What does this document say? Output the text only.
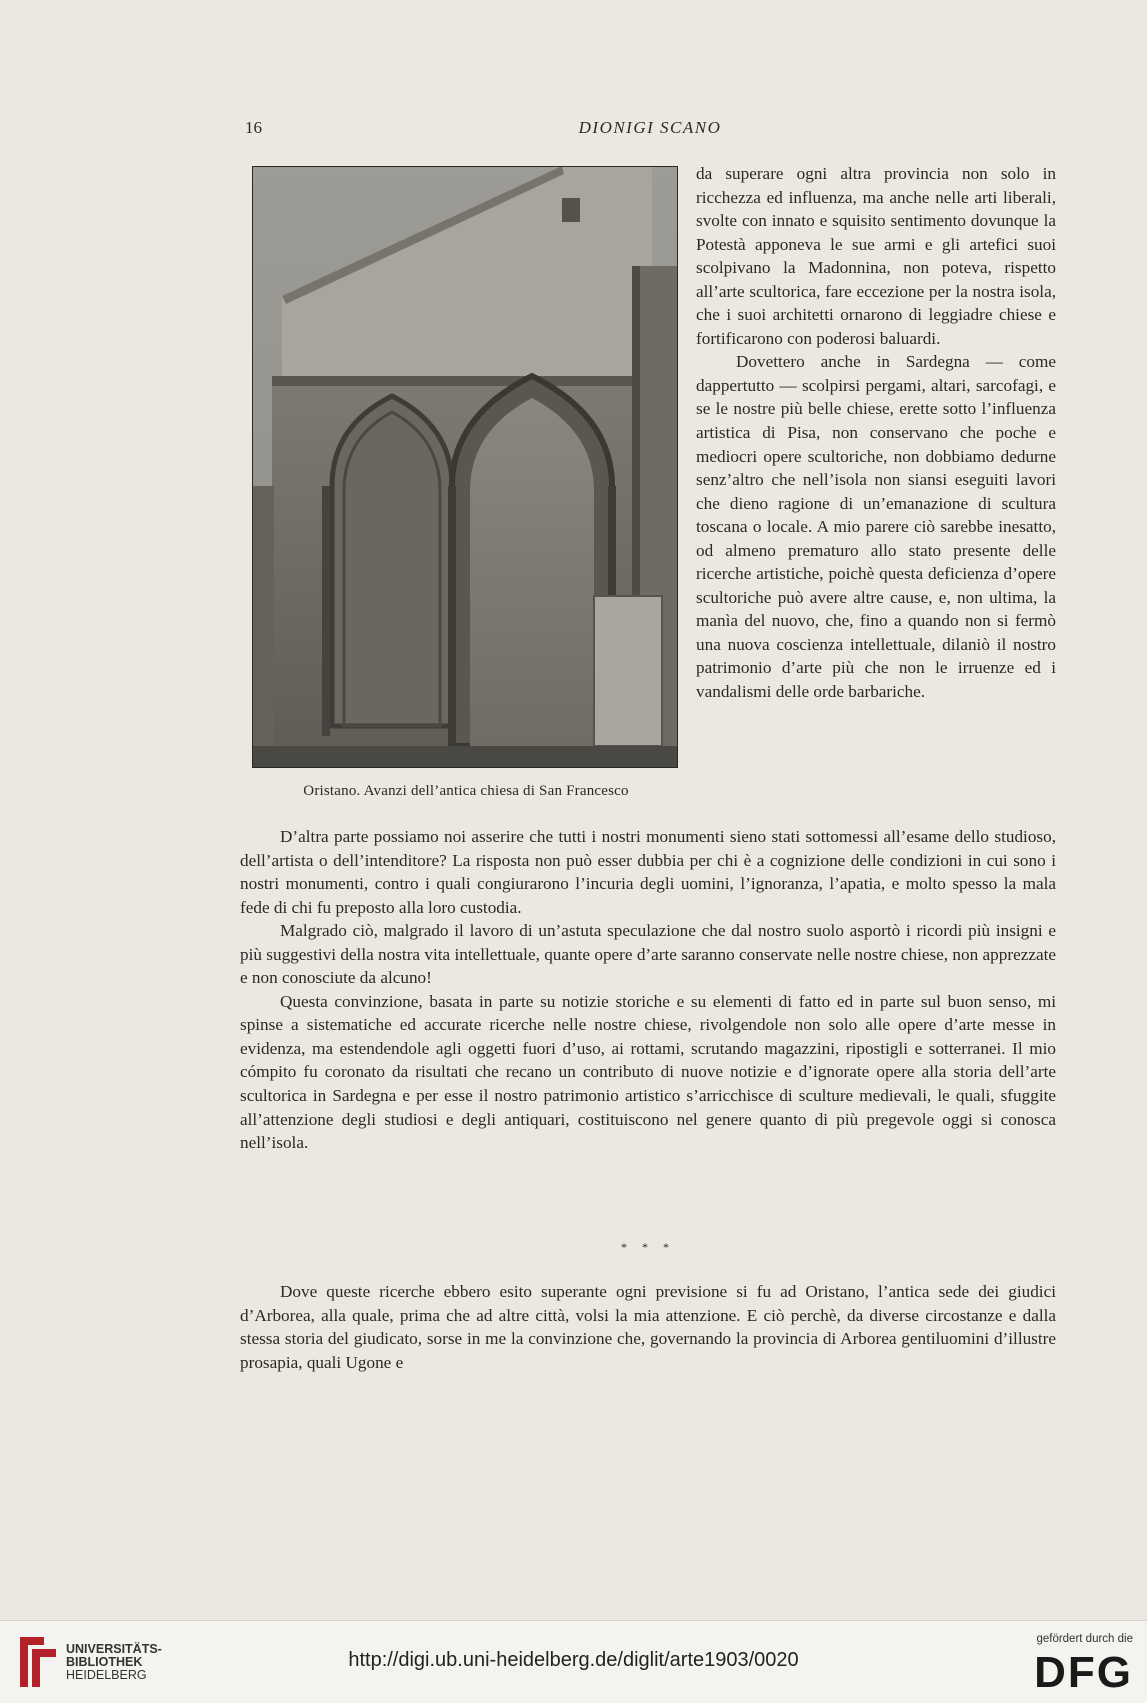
16	DIONIGI SCANO
Oristano. Avanzi dell’antica chiesa di San Francesco

da superare ogni altra provincia non solo in ricchezza ed influenza, ma anche nelle arti liberali, svolte con innato e squisito sentimento dovunque la Potestà apponeva le sue armi e gli artefici suoi scolpivano la Madonnina, non poteva, rispetto all’arte scultorica, fare eccezione per la nostra isola, che i suoi architetti ornarono di leggiadre chiese e fortificarono con poderosi baluardi.

Dovettero anche in Sardegna — come dappertutto — scolpirsi pergami, altari, sarcofagi, e se le nostre più belle chiese, erette sotto l’influenza artistica di Pisa, non conservano che poche e mediocri opere scultoriche, non dobbiamo dedurne senz’altro che nell’isola non siansi eseguiti lavori che dieno ragione di un’emanazione di scultura toscana o locale. A mio parere ciò sarebbe inesatto, od almeno prematuro allo stato presente delle ricerche artistiche, poichè questa deficienza d’opere scultoriche può avere altre cause, e, non ultima, la manìa del nuovo, che, fino a quando non si fermò una nuova coscienza intellettuale, dilaniò il nostro patrimonio d’arte più che non le irruenze ed i vandalismi delle orde barbariche.

D’altra parte possiamo noi asserire che tutti i nostri monumenti sieno stati sottomessi all’esame dello studioso, dell’artista o dell’intenditore? La risposta non può esser dubbia per chi è a cognizione delle condizioni in cui sono i nostri monumenti, contro i quali congiurarono l’incuria degli uomini, l’ignoranza, l’apatia, e molto spesso la mala fede di chi fu preposto alla loro custodia.

Malgrado ciò, malgrado il lavoro di un’astuta speculazione che dal nostro suolo asportò i ricordi più insigni e più suggestivi della nostra vita intellettuale, quante opere d’arte saranno conservate nelle nostre chiese, non apprezzate e non conosciute da alcuno!

Questa convinzione, basata in parte su notizie storiche e su elementi di fatto ed in parte sul buon senso, mi spinse a sistematiche ed accurate ricerche nelle nostre chiese, rivolgendole non solo alle opere d’arte messe in evidenza, ma estendendole agli oggetti fuori d’uso, ai rottami, scrutando magazzini, ripostigli e sotterranei. Il mio cómpito fu coronato da risultati che recano un contributo di nuove notizie e d’ignorate opere alla storia dell’arte scultorica in Sardegna e per esse il nostro patrimonio artistico s’arricchisce di sculture medievali, le quali, sfuggite all’attenzione degli studiosi e degli antiquari, costituiscono nel genere quanto di più pregevole oggi si conosca nell’isola.

* * *

Dove queste ricerche ebbero esito superante ogni previsione si fu ad Oristano, l’antica sede dei giudici d’Arborea, alla quale, prima che ad altre città, volsi la mia attenzione. E ciò perchè, da diverse circostanze e dalla stessa storia del giudicato, sorse in me la convinzione che, governando la provincia di Arborea gentiluomini d’illustre prosapia, quali Ugone e

UNIVERSITÄTS-
BIBLIOTHEK
HEIDELBERG
http://digi.ub.uni-heidelberg.de/diglit/arte1903/0020
gefördert durch die
DFG
